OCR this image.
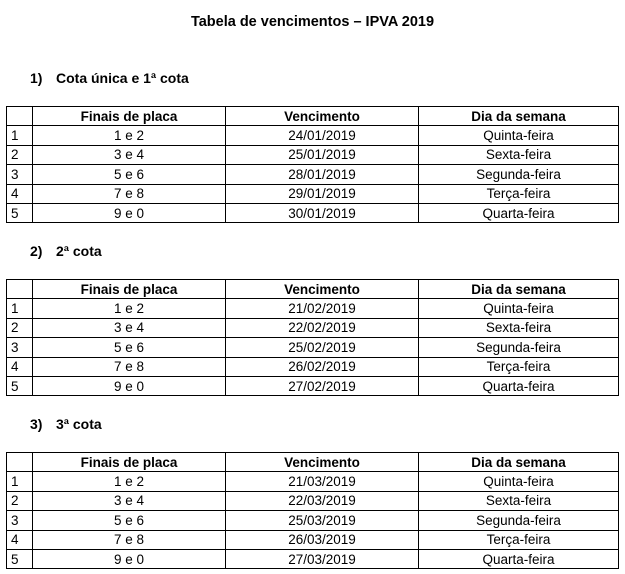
Tabela de vencimentos – IPVA 2019
1) Cota única e 1ª cota
	Finais de placa	Vencimento	Dia da semana
1	1 e 2	24/01/2019	Quinta-feira
2	3 e 4	25/01/2019	Sexta-feira
3	5 e 6	28/01/2019	Segunda-feira
4	7 e 8	29/01/2019	Terça-feira
5	9 e 0	30/01/2019	Quarta-feira
2) 2ª cota
	Finais de placa	Vencimento	Dia da semana
1	1 e 2	21/02/2019	Quinta-feira
2	3 e 4	22/02/2019	Sexta-feira
3	5 e 6	25/02/2019	Segunda-feira
4	7 e 8	26/02/2019	Terça-feira
5	9 e 0	27/02/2019	Quarta-feira
3) 3ª cota
	Finais de placa	Vencimento	Dia da semana
1	1 e 2	21/03/2019	Quinta-feira
2	3 e 4	22/03/2019	Sexta-feira
3	5 e 6	25/03/2019	Segunda-feira
4	7 e 8	26/03/2019	Terça-feira
5	9 e 0	27/03/2019	Quarta-feira
